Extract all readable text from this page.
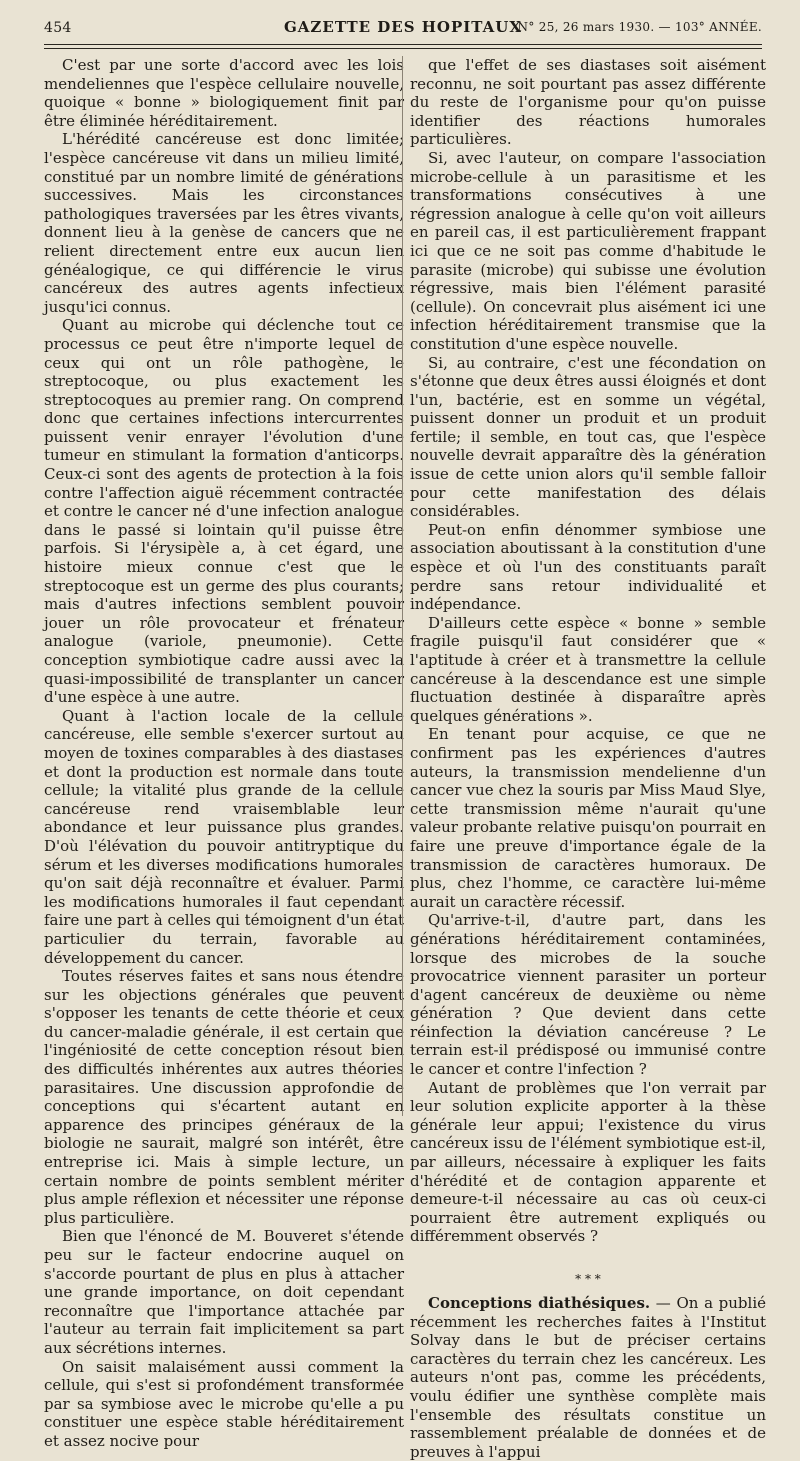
454	GAZETTE DES HOPITAUX
N° 25, 26 mars 1930. — 103° ANNÉE.

C'est par une sorte d'accord avec les lois mendeliennes que l'espèce cellulaire nouvelle, quoique « bonne » biologiquement finit par être éliminée héréditairement.

L'hérédité cancéreuse est donc limitée; l'espèce cancéreuse vit dans un milieu limité, constitué par un nombre limité de générations successives. Mais les circonstances pathologiques traversées par les êtres vivants, donnent lieu à la genèse de cancers que ne relient directement entre eux aucun lien généalogique, ce qui différencie le virus cancéreux des autres agents infectieux jusqu'ici connus.

Quant au microbe qui déclenche tout ce processus ce peut être n'importe lequel de ceux qui ont un rôle pathogène, le streptocoque, ou plus exactement les streptocoques au premier rang. On comprend donc que certaines infections intercurrentes puissent venir enrayer l'évolution d'une tumeur en stimulant la formation d'anticorps. Ceux-ci sont des agents de protection à la fois contre l'affection aiguë récemment contractée et contre le cancer né d'une infection analogue dans le passé si lointain qu'il puisse être parfois. Si l'érysipèle a, à cet égard, une histoire mieux connue c'est que le streptocoque est un germe des plus courants; mais d'autres infections semblent pouvoir jouer un rôle provocateur et frénateur analogue (variole, pneumonie). Cette conception symbiotique cadre aussi avec la quasi-impossibilité de transplanter un cancer d'une espèce à une autre.

Quant à l'action locale de la cellule cancéreuse, elle semble s'exercer surtout au moyen de toxines comparables à des diastases et dont la production est normale dans toute cellule; la vitalité plus grande de la cellule cancéreuse rend vraisemblable leur abondance et leur puissance plus grandes. D'où l'élévation du pouvoir antitryptique du sérum et les diverses modifications humorales qu'on sait déjà reconnaître et évaluer. Parmi les modifications humorales il faut cependant faire une part à celles qui témoignent d'un état particulier du terrain, favorable au développement du cancer.

Toutes réserves faites et sans nous étendre sur les objections générales que peuvent s'opposer les tenants de cette théorie et ceux du cancer-maladie générale, il est certain que l'ingéniosité de cette conception résout bien des difficultés inhérentes aux autres théories parasitaires. Une discussion approfondie de conceptions qui s'écartent autant en apparence des principes généraux de la biologie ne saurait, malgré son intérêt, être entreprise ici. Mais à simple lecture, un certain nombre de points semblent mériter plus ample réflexion et nécessiter une réponse plus particulière.

Bien que l'énoncé de M. Bouveret s'étende peu sur le facteur endocrine auquel on s'accorde pourtant de plus en plus à attacher une grande importance, on doit cependant reconnaître que l'importance attachée par l'auteur au terrain fait implicitement sa part aux sécrétions internes.

On saisit malaisément aussi comment la cellule, qui s'est si profondément transformée par sa symbiose avec le microbe qu'elle a pu constituer une espèce stable héréditairement et assez nocive pour

que l'effet de ses diastases soit aisément reconnu, ne soit pourtant pas assez différente du reste de l'organisme pour qu'on puisse identifier des réactions humorales particulières.

Si, avec l'auteur, on compare l'association microbe-cellule à un parasitisme et les transformations consécutives à une régression analogue à celle qu'on voit ailleurs en pareil cas, il est particulièrement frappant ici que ce ne soit pas comme d'habitude le parasite (microbe) qui subisse une évolution régressive, mais bien l'élément parasité (cellule). On concevrait plus aisément ici une infection héréditairement transmise que la constitution d'une espèce nouvelle.

Si, au contraire, c'est une fécondation on s'étonne que deux êtres aussi éloignés et dont l'un, bactérie, est en somme un végétal, puissent donner un produit et un produit fertile; il semble, en tout cas, que l'espèce nouvelle devrait apparaître dès la génération issue de cette union alors qu'il semble falloir pour cette manifestation des délais considérables.

Peut-on enfin dénommer symbiose une association aboutissant à la constitution d'une espèce et où l'un des constituants paraît perdre sans retour individualité et indépendance.

D'ailleurs cette espèce « bonne » semble fragile puisqu'il faut considérer que « l'aptitude à créer et à transmettre la cellule cancéreuse à la descendance est une simple fluctuation destinée à disparaître après quelques générations ».

En tenant pour acquise, ce que ne confirment pas les expériences d'autres auteurs, la transmission mendelienne d'un cancer vue chez la souris par Miss Maud Slye, cette transmission même n'aurait qu'une valeur probante relative puisqu'on pourrait en faire une preuve d'importance égale de la transmission de caractères humoraux. De plus, chez l'homme, ce caractère lui-même aurait un caractère récessif.

Qu'arrive-t-il, d'autre part, dans les générations héréditairement contaminées, lorsque des microbes de la souche provocatrice viennent parasiter un porteur d'agent cancéreux de deuxième ou nème génération ? Que devient dans cette réinfection la déviation cancéreuse ? Le terrain est-il prédisposé ou immunisé contre le cancer et contre l'infection ?

Autant de problèmes que l'on verrait par leur solution explicite apporter à la thèse générale leur appui; l'existence du virus cancéreux issu de l'élément symbiotique est-il, par ailleurs, nécessaire à expliquer les faits d'hérédité et de contagion apparente et demeure-t-il nécessaire au cas où ceux-ci pourraient être autrement expliqués ou différemment observés ?

* * *

Conceptions diathésiques. — On a publié récemment les recherches faites à l'Institut Solvay dans le but de préciser certains caractères du terrain chez les cancéreux. Les auteurs n'ont pas, comme les précédents, voulu édifier une synthèse complète mais l'ensemble des résultats constitue un rassemblement préalable de données et de preuves à l'appui
